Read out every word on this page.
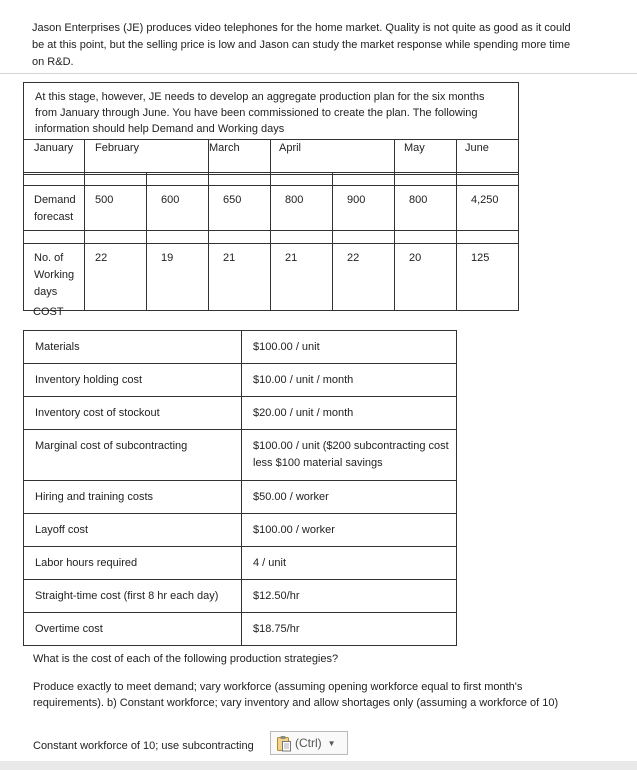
Jason Enterprises (JE) produces video telephones for the home market. Quality is not quite as good as it could be at this point, but the selling price is low and Jason can study the market response while spending more time on R&D.

At this stage, however, JE needs to develop an aggregate production plan for the six months from January through June. You have been commissioned to create the plan. The following information should help Demand and Working days

January	February	March	April	May	June

Demand forecast	500	600	650	800	900	800	4,250

No. of Working days	22	19	21	21	22	20	125

COST

Materials	$100.00 / unit
Inventory holding cost	$10.00 / unit / month
Inventory cost of stockout	$20.00 / unit / month
Marginal cost of subcontracting	$100.00 / unit ($200 subcontracting cost less $100 material savings
Hiring and training costs	$50.00 / worker
Layoff cost	$100.00 / worker
Labor hours required	4 / unit
Straight-time cost (first 8 hr each day)	$12.50/hr
Overtime cost	$18.75/hr

What is the cost of each of the following production strategies?

Produce exactly to meet demand; vary workforce (assuming opening workforce equal to first month's requirements). b) Constant workforce; vary inventory and allow shortages only (assuming a workforce of 10)

Constant workforce of 10; use subcontracting	(Ctrl) ▼
